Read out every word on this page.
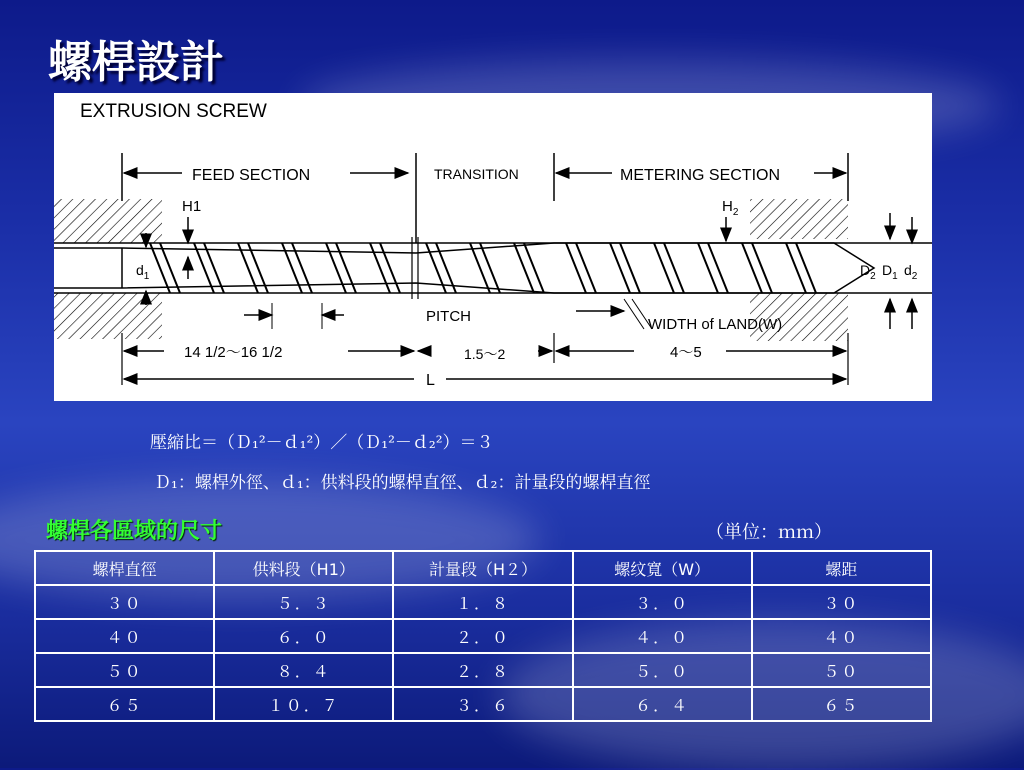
螺桿設計
EXTRUSION SCREW
FEED SECTION	TRANSITION	METERING SECTION
H1
$d_1$
$H_2$
$D_2$ $D_1$ $d_2$
PITCH	WIDTH of LAND(W)
14 1/2～16 1/2	1.5～2	4～5
L
壓縮比＝（Ｄ₁²－ｄ₁²）／（Ｄ₁²－ｄ₂²）＝３
Ｄ₁：螺桿外徑、ｄ₁：供料段的螺桿直徑、ｄ₂：計量段的螺桿直徑
螺桿各區域的尺寸	（単位：ｍｍ）
螺桿直徑	供料段（H1）	計量段（H２）	螺纹寬（W）	螺距
３０	５．３	１．８	３．０	３０
４０	６．０	２．０	４．０	４０
５０	８．４	２．８	５．０	５０
６５	１０．７	３．６	６．４	６５
